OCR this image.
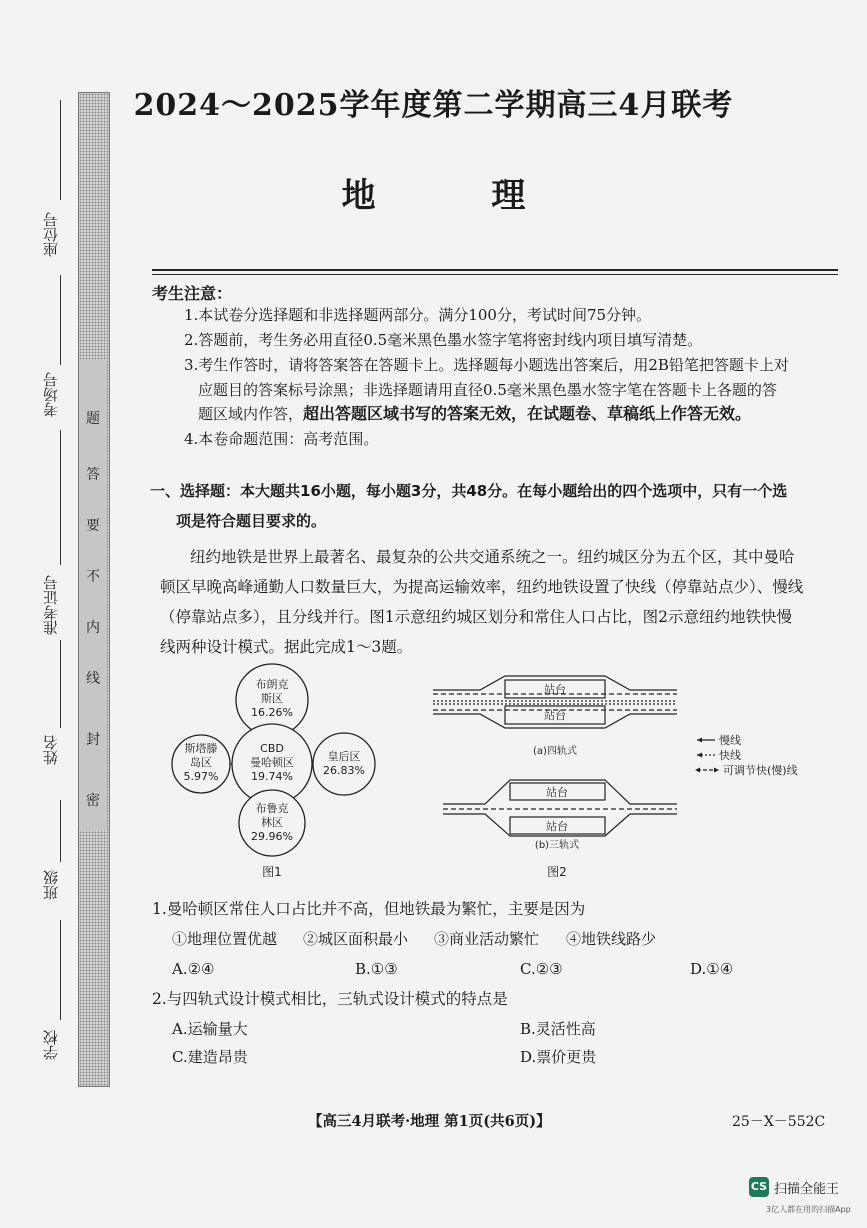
密
封
线
内
不
要
答
题
座位号
考场号
准考证号
姓名
班级
学校
2024～2025学年度第二学期高三4月联考
地 理
考生注意：
1.本试卷分选择题和非选择题两部分。满分100分，考试时间75分钟。
2.答题前，考生务必用直径0.5毫米黑色墨水签字笔将密封线内项目填写清楚。
3.考生作答时，请将答案答在答题卡上。选择题每小题选出答案后，用2B铅笔把答题卡上对
应题目的答案标号涂黑；非选择题请用直径0.5毫米黑色墨水签字笔在答题卡上各题的答
题区域内作答，超出答题区域书写的答案无效，在试题卷、草稿纸上作答无效。
4.本卷命题范围：高考范围。
一、选择题：本大题共16小题，每小题3分，共48分。在每小题给出的四个选项中，只有一个选
项是符合题目要求的。
纽约地铁是世界上最著名、最复杂的公共交通系统之一。纽约城区分为五个区，其中曼哈
顿区早晚高峰通勤人口数量巨大，为提高运输效率，纽约地铁设置了快线（停靠站点少）、慢线
（停靠站点多），且分线并行。图1示意纽约城区划分和常住人口占比，图2示意纽约地铁快慢
线两种设计模式。据此完成1～3题。
布朗克
斯区
16.26%
CBD
曼哈顿区
19.74%
斯塔滕
岛区
5.97%
皇后区
26.83%
布鲁克
林区
29.96%
图1
站台
站台
(a)四轨式
站台
站台
(b)三轨式
图2
慢线
快线
可调节快(慢)线
1.曼哈顿区常住人口占比并不高，但地铁最为繁忙，主要是因为
①地理位置优越 ②城区面积最小 ③商业活动繁忙 ④地铁线路少
A.②④	B.①③	C.②③	D.①④
2.与四轨式设计模式相比，三轨式设计模式的特点是
A.运输量大	B.灵活性高
C.建造昂贵	D.票价更贵
【高三4月联考·地理 第1页(共6页)】	25－X－552C
CS 扫描全能王
3亿人都在用的扫描App
